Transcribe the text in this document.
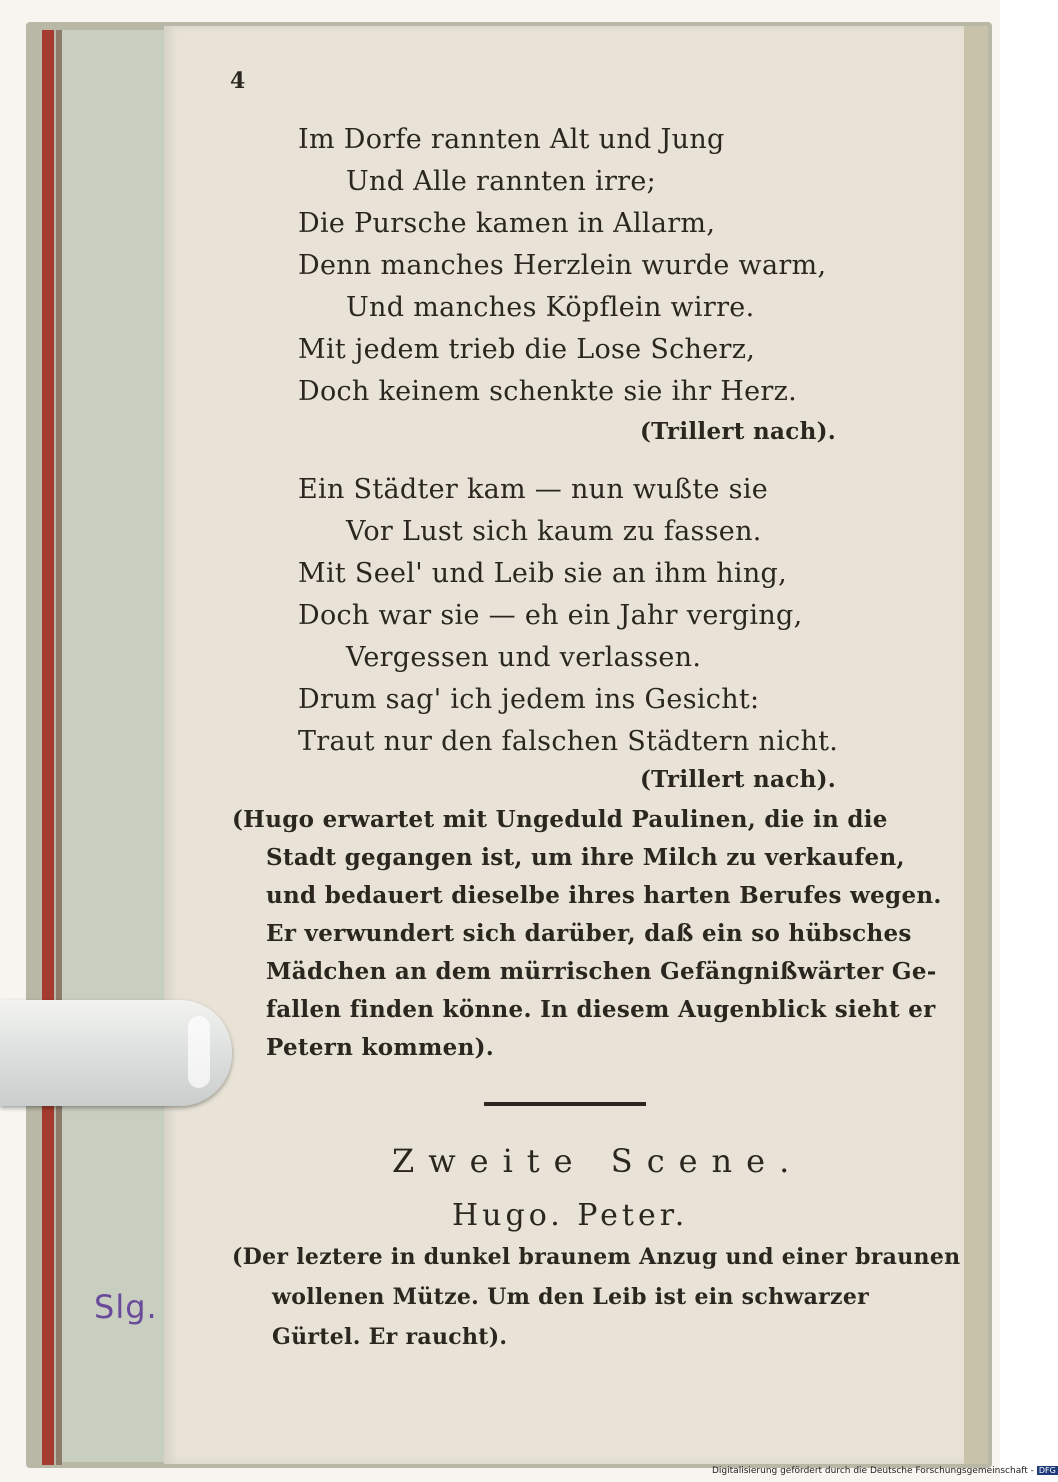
4
Im Dorfe rannten Alt und Jung
Und Alle rannten irre;
Die Pursche kamen in Allarm,
Denn manches Herzlein wurde warm,
Und manches Köpflein wirre.
Mit jedem trieb die Lose Scherz,
Doch keinem schenkte sie ihr Herz.
(Trillert nach).
Ein Städter kam — nun wußte sie
Vor Lust sich kaum zu fassen.
Mit Seel' und Leib sie an ihm hing,
Doch war sie — eh ein Jahr verging,
Vergessen und verlassen.
Drum sag' ich jedem ins Gesicht:
Traut nur den falschen Städtern nicht.
(Trillert nach).
(Hugo erwartet mit Ungeduld Paulinen, die in die
Stadt gegangen ist, um ihre Milch zu verkaufen,
und bedauert dieselbe ihres harten Berufes wegen.
Er verwundert sich darüber, daß ein so hübsches
Mädchen an dem mürrischen Gefängnißwärter Ge-
fallen finden könne. In diesem Augenblick sieht er
Petern kommen).
Zweite Scene.
Hugo. Peter.
(Der leztere in dunkel braunem Anzug und einer braunen
wollenen Mütze. Um den Leib ist ein schwarzer
Gürtel. Er raucht).
Slg.
Digitalisierung gefördert durch die Deutsche Forschungsgemeinschaft - DFG
